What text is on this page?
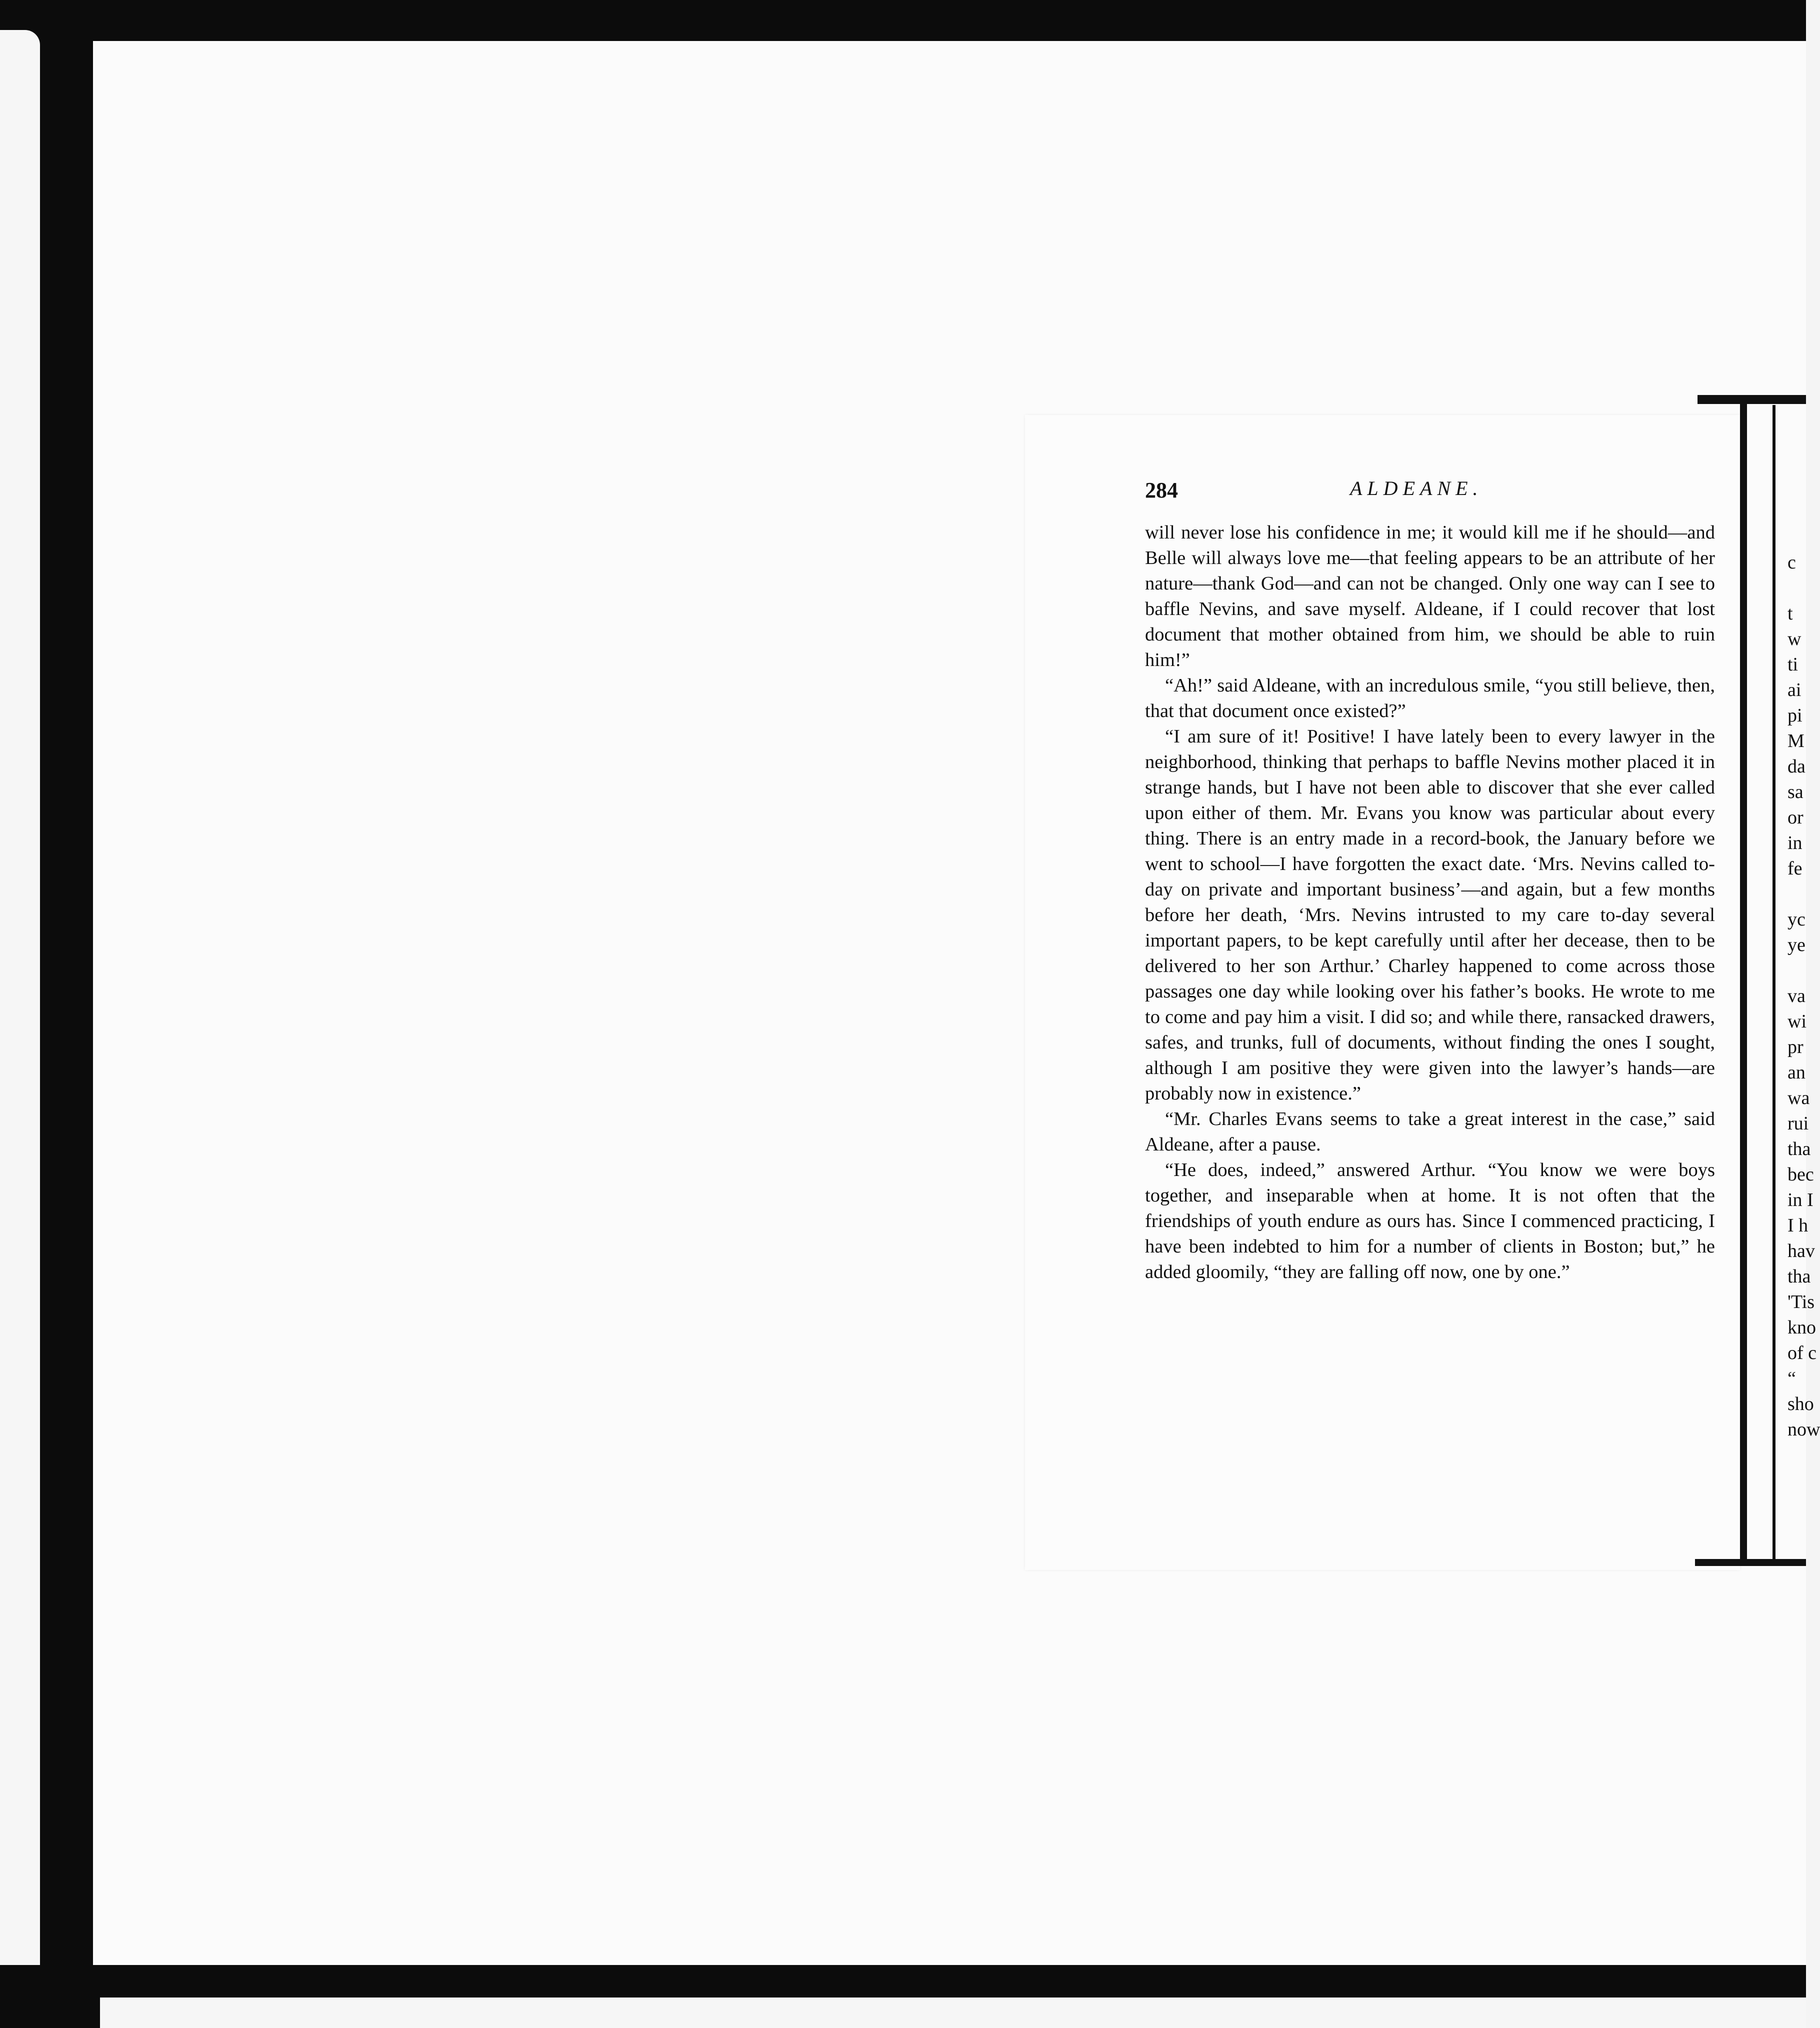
284	ALDEANE.

will never lose his confidence in me; it would kill me if he should—and Belle will always love me—that feeling appears to be an attribute of her nature—thank God—and can not be changed. Only one way can I see to baffle Nevins, and save myself. Aldeane, if I could recover that lost document that mother obtained from him, we should be able to ruin him!”

“Ah!” said Aldeane, with an incredulous smile, “you still believe, then, that that document once existed?”

“I am sure of it! Positive! I have lately been to every lawyer in the neighborhood, thinking that perhaps to baffle Nevins mother placed it in strange hands, but I have not been able to discover that she ever called upon either of them. Mr. Evans you know was particular about every thing. There is an entry made in a record-book, the January before we went to school—I have forgotten the exact date. ‘Mrs. Nevins called to-day on private and important business’—and again, but a few months before her death, ‘Mrs. Nevins intrusted to my care to-day several important papers, to be kept carefully until after her decease, then to be delivered to her son Arthur.’ Charley happened to come across those passages one day while looking over his father’s books. He wrote to me to come and pay him a visit. I did so; and while there, ransacked drawers, safes, and trunks, full of documents, without finding the ones I sought, although I am positive they were given into the lawyer’s hands—are probably now in existence.”

“Mr. Charles Evans seems to take a great interest in the case,” said Aldeane, after a pause.

“He does, indeed,” answered Arthur. “You know we were boys together, and inseparable when at home. It is not often that the friendships of youth endure as ours has. Since I commenced practicing, I have been indebted to him for a number of clients in Boston; but,” he added gloomily, “they are falling off now, one by one.”

c
t
w
ti
ai
pi
M
da
sa
or
in
fe
yc
ye
va
wi
pr
an
wa
rui
tha
bec
in I
I h
hav
tha
'Tis
kno
of c
“
sho
now
